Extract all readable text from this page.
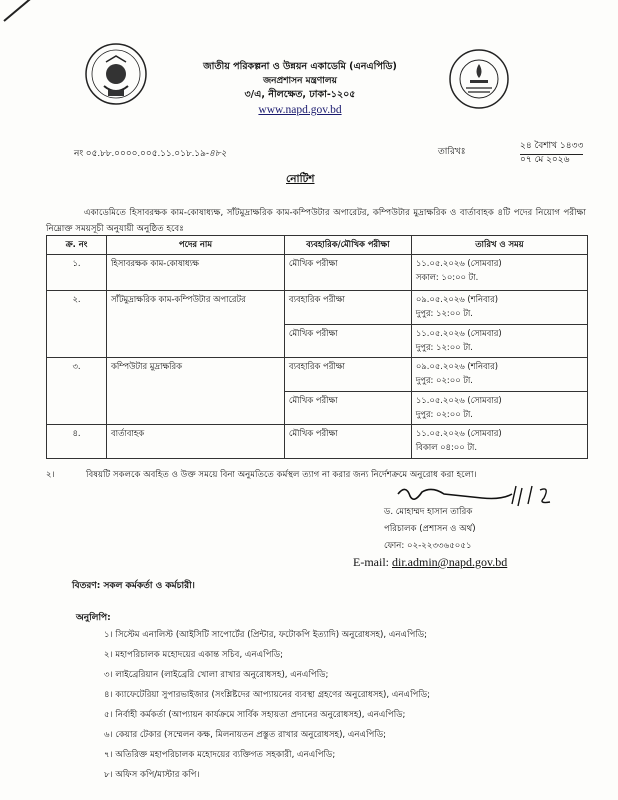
জাতীয় পরিকল্পনা ও উন্নয়ন একাডেমি (এনএপিডি)
জনপ্রশাসন মন্ত্রণালয়
৩/এ, নীলক্ষেত, ঢাকা-১২০৫
www.napd.gov.bd
নং ০৫.৮৮.০০০০.০০৫.১১.০১৮.১৯-৪৮২	তারিখঃ
২৪ বৈশাখ ১৪৩৩
০৭ মে ২০২৬
নোটিশ

একাডেমিতে হিসাবরক্ষক কাম-কোষাধ্যক্ষ, সাঁটমুদ্রাক্ষরিক কাম-কম্পিউটার অপারেটর, কম্পিউটার মুদ্রাক্ষরিক ও বার্তাবাহক ৪টি পদের নিয়োগ পরীক্ষা নিম্নোক্ত সময়সূচী অনুযায়ী অনুষ্ঠিত হবেঃ

ক্র. নং	পদের নাম	ব্যবহারিক/মৌখিক পরীক্ষা	তারিখ ও সময়
১.	হিসাবরক্ষক কাম-কোষাধ্যক্ষ	মৌখিক পরীক্ষা	১১.০৫.২০২৬ (সোমবার)
সকাল: ১০:০০ টা.

২.	সাঁটমুদ্রাক্ষরিক কাম-কম্পিউটার অপারেটর	ব্যবহারিক পরীক্ষা	০৯.০৫.২০২৬ (শনিবার)
দুপুর: ১২:০০ টা.

		মৌখিক পরীক্ষা	১১.০৫.২০২৬ (সোমবার)
দুপুর: ১২:০০ টা.

৩.	কম্পিউটার মুদ্রাক্ষরিক	ব্যবহারিক পরীক্ষা	০৯.০৫.২০২৬ (শনিবার)
দুপুর: ০২:০০ টা.

		মৌখিক পরীক্ষা	১১.০৫.২০২৬ (সোমবার)
দুপুর: ০২:০০ টা.

৪.	বার্তাবাহক	মৌখিক পরীক্ষা	১১.০৫.২০২৬ (সোমবার)
বিকাল ০৪:০০ টা.
২।	বিষয়টি সকলকে অবহিত ও উক্ত সময়ে বিনা অনুমতিতে কর্মস্থল ত্যাগ না করার জন্য নির্দেশক্রমে অনুরোধ করা হলো।
ড. মোহাম্মদ হাসান তারিক
পরিচালক (প্রশাসন ও অর্থ)
ফোন: ০২-২২৩৩৬৫০৫১
E-mail: dir.admin@napd.gov.bd
বিতরণ: সকল কর্মকর্তা ও কর্মচারী।
অনুলিপি:
১। সিস্টেম এনালিস্ট (আইসিটি সাপোর্টের (প্রিন্টার, ফটোকপি ইত্যাদি) অনুরোধসহ), এনএপিডি;
২। মহাপরিচালক মহোদয়ের একান্ত সচিব, এনএপিডি;
৩। লাইব্রেরিয়ান (লাইব্রেরি খোলা রাখার অনুরোধসহ), এনএপিডি;
৪। ক্যাফেটেরিয়া সুপারভাইজার (সংশ্লিষ্টদের আপ্যায়নের ব্যবস্থা গ্রহণের অনুরোধসহ), এনএপিডি;
৫। নির্বাহী কর্মকর্তা (আপ্যায়ন কার্যক্রমে সার্বিক সহায়তা প্রদানের অনুরোধসহ), এনএপিডি;
৬। কেয়ার টেকার (সম্মেলন কক্ষ, মিলনায়তন প্রস্তুত রাখার অনুরোধসহ), এনএপিডি;
৭। অতিরিক্ত মহাপরিচালক মহোদয়ের ব্যক্তিগত সহকারী, এনএপিডি;
৮। অফিস কপি/মাস্টার কপি।
